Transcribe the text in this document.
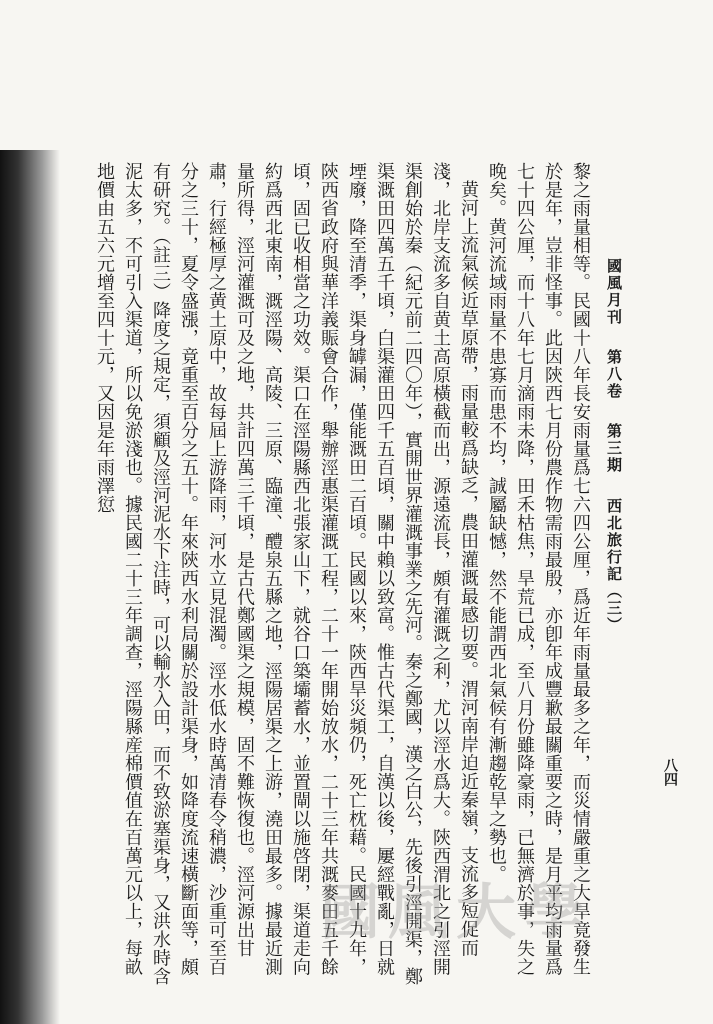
國風月刊 第八卷 第三期 西北旅行記（三）
八四

黎之雨量相等。民國十八年長安雨量爲七六四公厘，爲近年雨量最多之年，而災情嚴重之大旱竟發生於是年，豈非怪事。此因陝西七月份農作物需雨最殷，亦卽年成豐歉最關重要之時，是月平均雨量爲七十四公厘，而十八年七月滴雨未降，田禾枯焦，旱荒已成，至八月份雖降豪雨，已無濟於事，失之晚矣。黄河流域雨量不患寡而患不均，誠屬缺憾，然不能謂西北氣候有漸趨乾旱之勢也。

黄河上流氣候近草原帶，雨量較爲缺乏，農田灌溉最感切要。渭河南岸迫近秦嶺，支流多短促而淺，北岸支流多自黄土高原橫截而出，源遠流長，頗有灌溉之利，尤以涇水爲大。陝西渭北之引涇開渠創始於秦（紀元前二四〇年），實開世界灌溉事業之先河。秦之鄭國，漢之白公，先後引涇開渠，鄭渠溉田四萬五千頃，白渠灌田四千五百頃，關中賴以致富。惟古代渠工，自漢以後，屢經戰亂，日就堙廢，降至清季，渠身罅漏，僅能溉田二百頃。民國以來，陝西旱災頻仍，死亡枕藉。民國十九年，陝西省政府與華洋義賑會合作，舉辦涇惠渠灌溉工程，二十一年開始放水，二十三年共溉麥田五千餘頃，固已收相當之功效。渠口在涇陽縣西北張家山下，就谷口築壩蓄水，並置閘以施啓閉，渠道走向約爲西北東南，溉涇陽、高陵、三原、臨潼、醴泉五縣之地，涇陽居渠之上游，澆田最多。據最近測量所得，涇河灌溉可及之地，共計四萬三千頃，是古代鄭國渠之規模，固不難恢復也。涇河源出甘肅，行經極厚之黄土原中，故每屆上游降雨，河水立見混濁。涇水低水時萬清春令稍濃，沙重可至百分之三十，夏令盛漲，竟重至百分之五十。年來陝西水利局關於設計渠身，如降度流速橫斷面等，頗有研究。（註三）降度之規定，須顧及涇河泥水下注時，可以輸水入田，而不致淤塞渠身，又洪水時含泥太多，不可引入渠道，所以免淤淺也。據民國二十三年調查，涇陽縣産棉價值在百萬元以上，每畝地價由五六元增至四十元，又因是年雨澤愆

國風大學
